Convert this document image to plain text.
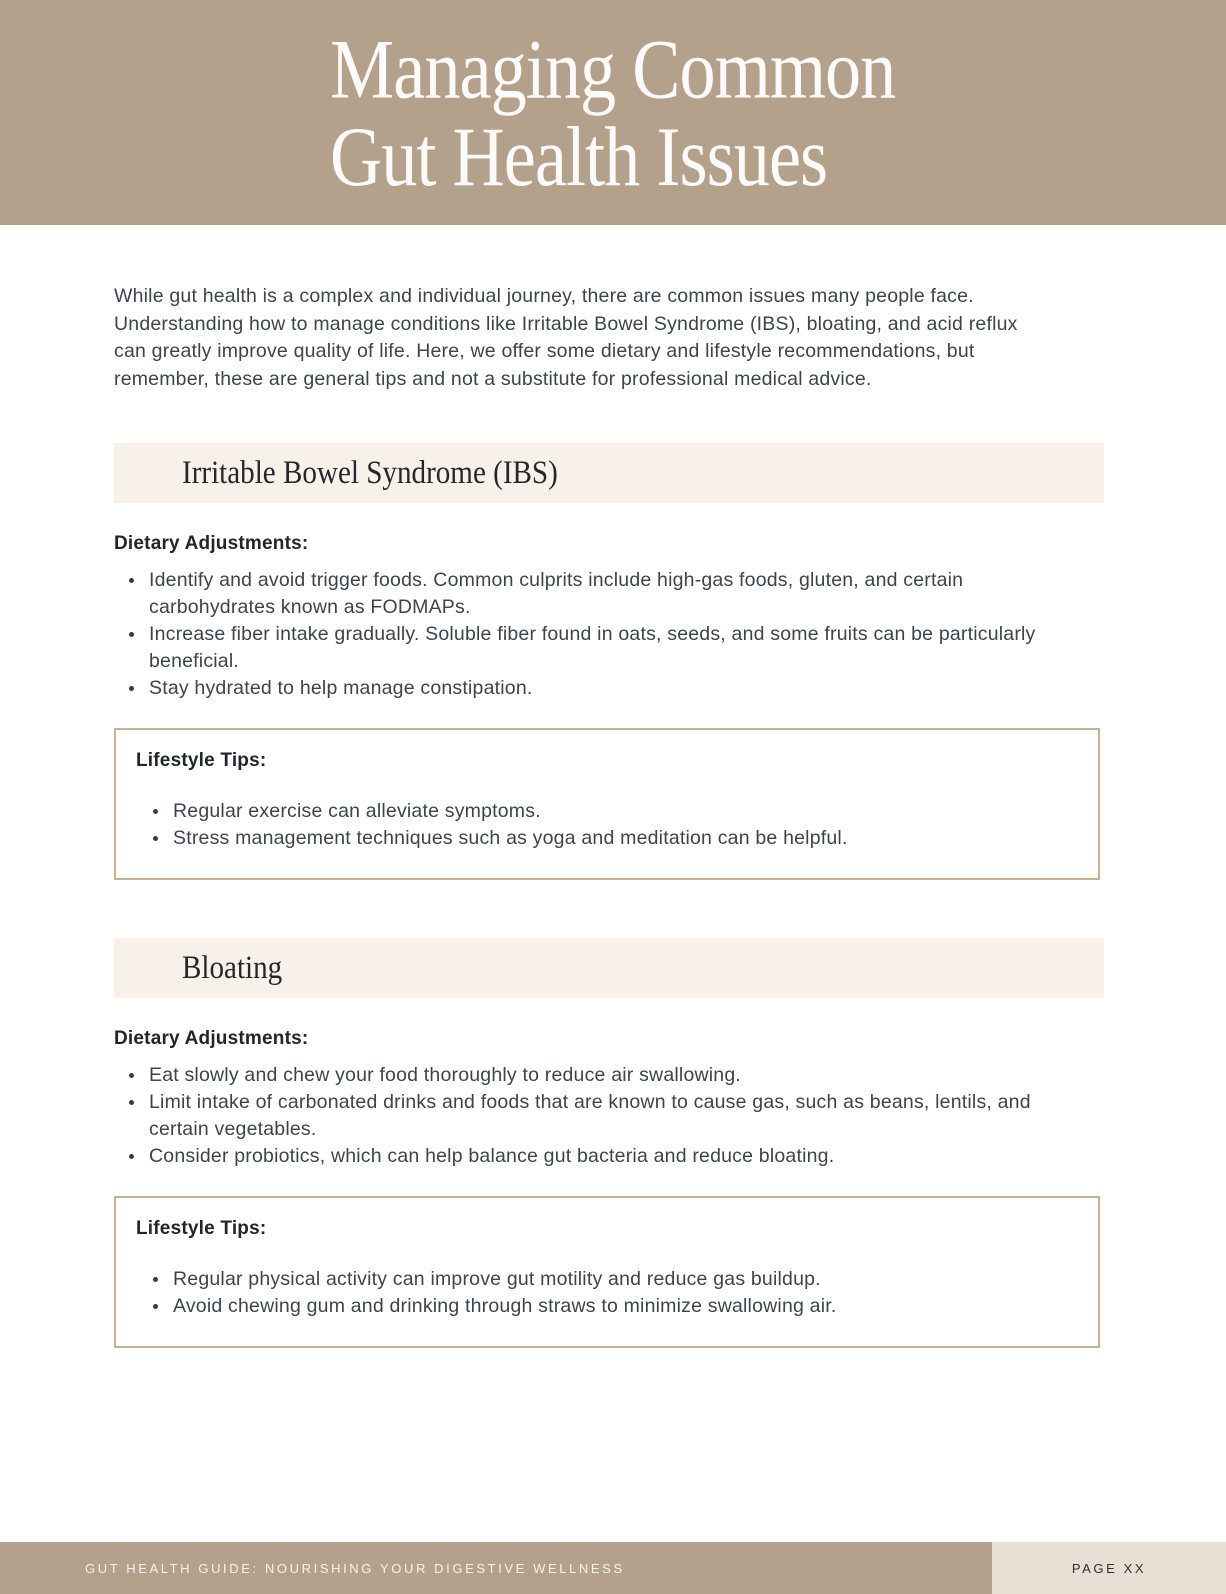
Managing Common
Gut Health Issues

While gut health is a complex and individual journey, there are common issues many people face. Understanding how to manage conditions like Irritable Bowel Syndrome (IBS), bloating, and acid reflux can greatly improve quality of life. Here, we offer some dietary and lifestyle recommendations, but remember, these are general tips and not a substitute for professional medical advice.

Irritable Bowel Syndrome (IBS)
Dietary Adjustments:
Identify and avoid trigger foods. Common culprits include high-gas foods, gluten, and certain carbohydrates known as FODMAPs.
Increase fiber intake gradually. Soluble fiber found in oats, seeds, and some fruits can be particularly beneficial.
Stay hydrated to help manage constipation.
Lifestyle Tips:
Regular exercise can alleviate symptoms.
Stress management techniques such as yoga and meditation can be helpful.
Bloating
Dietary Adjustments:
Eat slowly and chew your food thoroughly to reduce air swallowing.
Limit intake of carbonated drinks and foods that are known to cause gas, such as beans, lentils, and certain vegetables.
Consider probiotics, which can help balance gut bacteria and reduce bloating.
Lifestyle Tips:
Regular physical activity can improve gut motility and reduce gas buildup.
Avoid chewing gum and drinking through straws to minimize swallowing air.
GUT HEALTH GUIDE: NOURISHING YOUR DIGESTIVE WELLNESS	PAGE XX
